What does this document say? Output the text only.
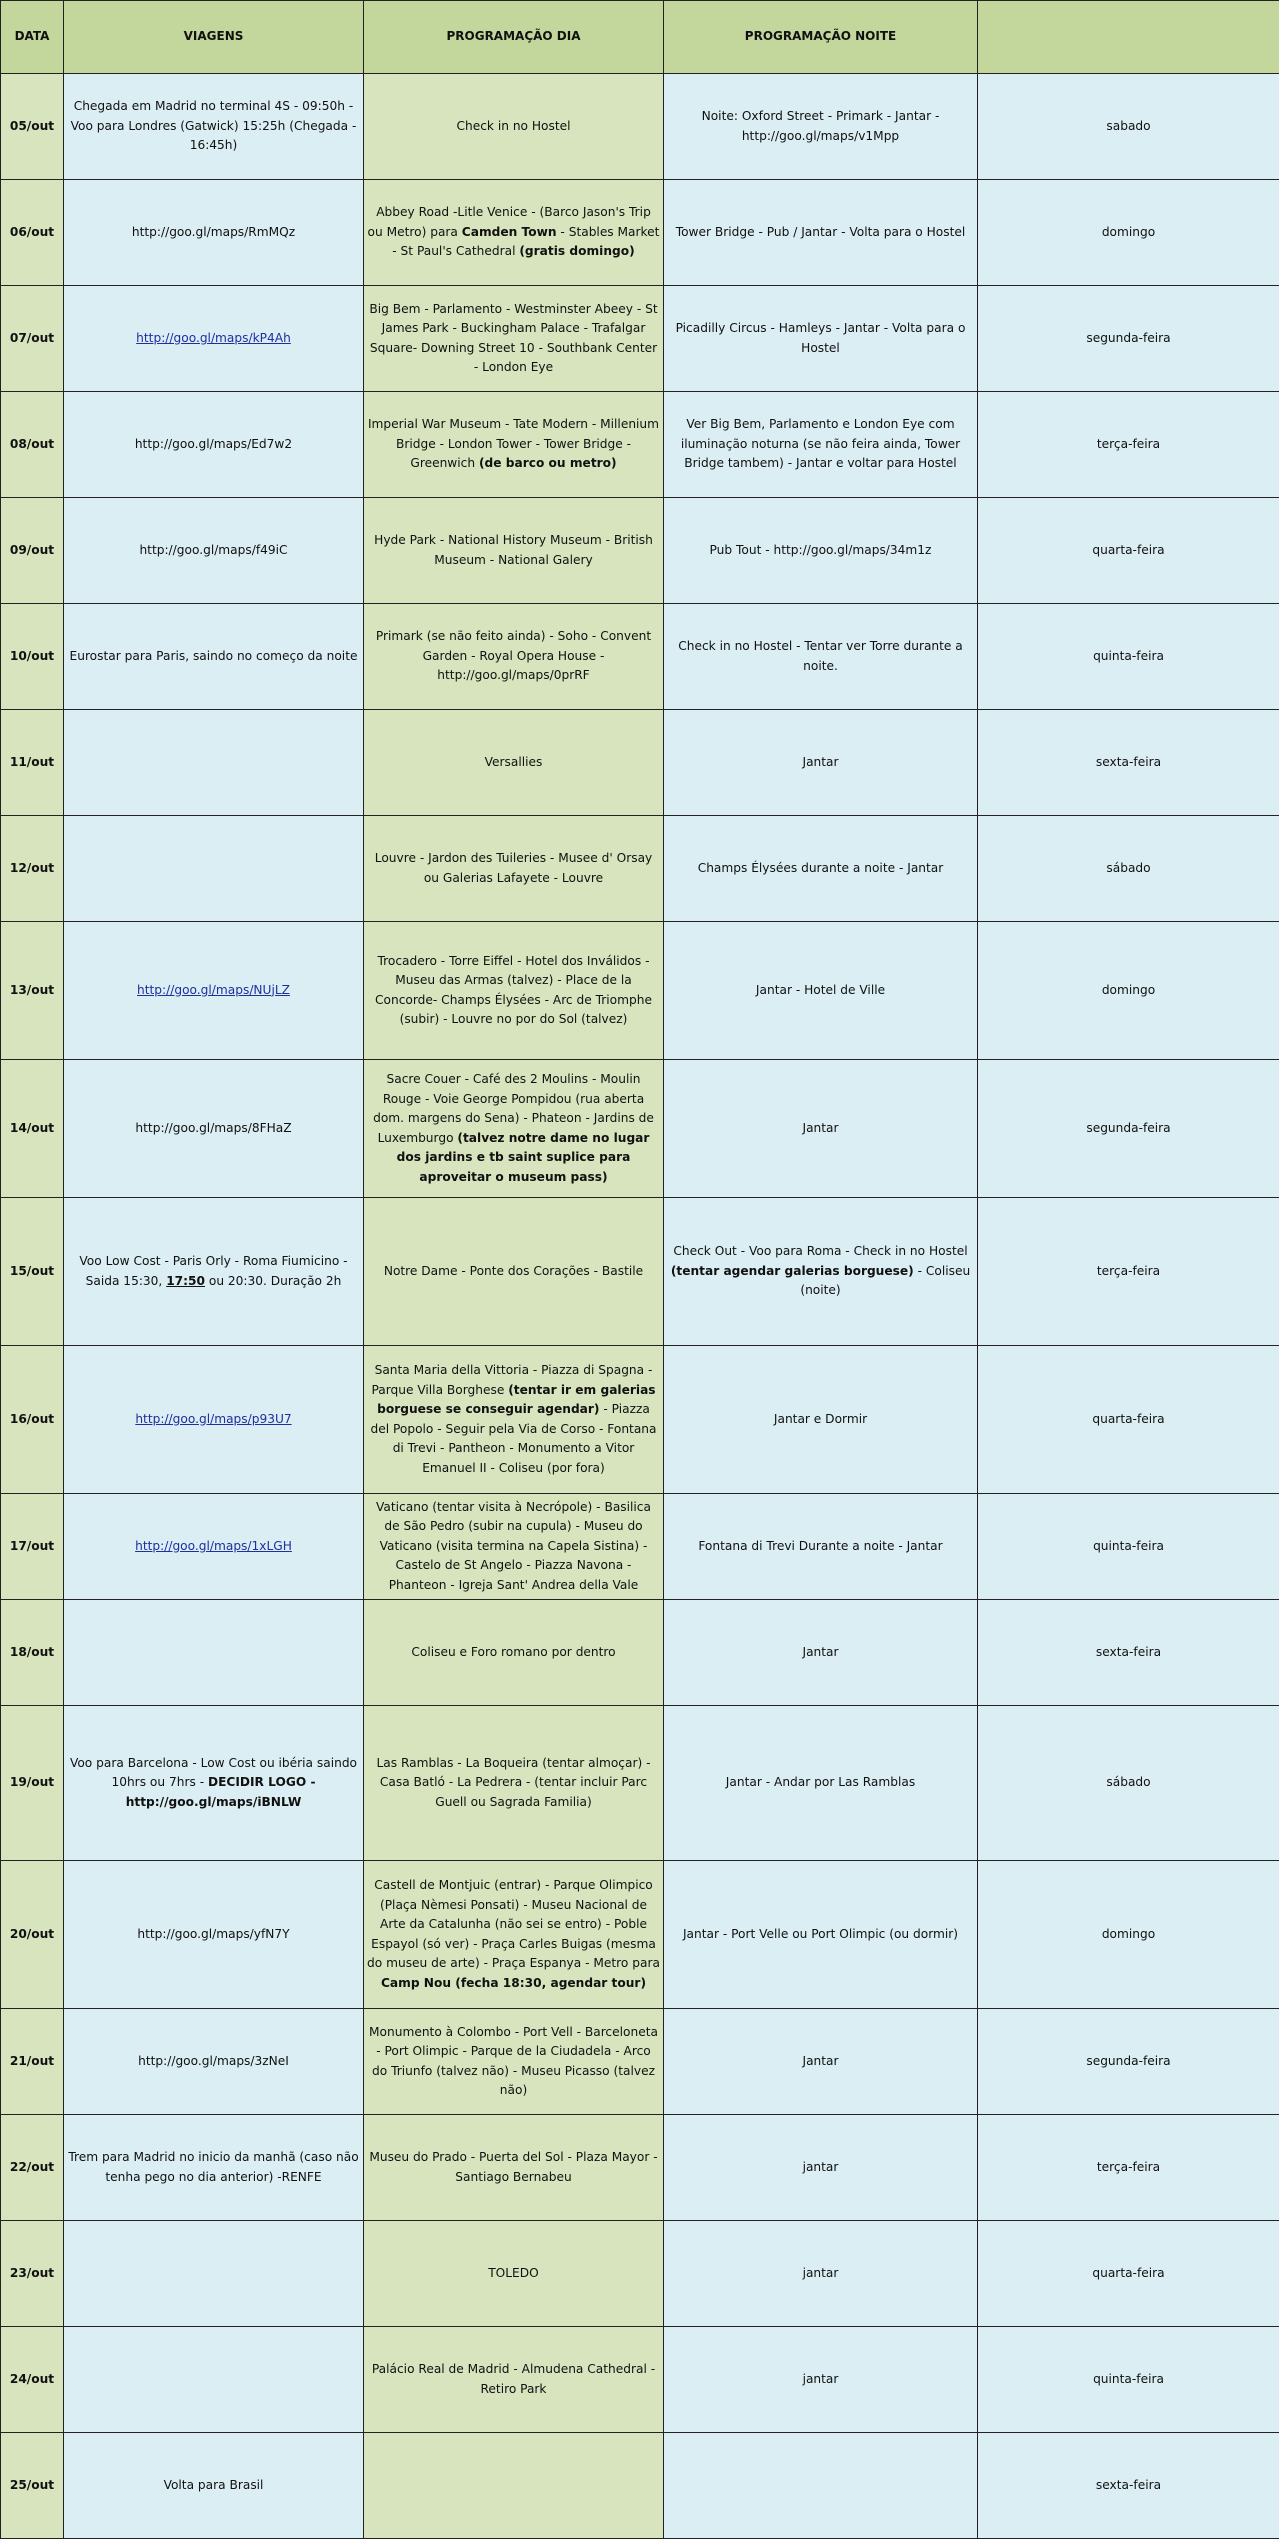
DATA	VIAGENS	PROGRAMAÇÃO DIA	PROGRAMAÇÃO NOITE	
05/out	Chegada em Madrid no terminal 4S - 09:50h -Voo para Londres (Gatwick) 15:25h (Chegada - 16:45h)	Check in no Hostel	Noite: Oxford Street - Primark - Jantar - http://goo.gl/maps/v1Mpp	sabado
06/out	http://goo.gl/maps/RmMQz	Abbey Road -Litle Venice - (Barco Jason's Trip ou Metro) para Camden Town - Stables Market - St Paul's Cathedral (gratis domingo)	Tower Bridge - Pub / Jantar - Volta para o Hostel	domingo
07/out	http://goo.gl/maps/kP4Ah	Big Bem - Parlamento - Westminster Abeey - St James Park - Buckingham Palace - Trafalgar Square- Downing Street 10 - Southbank Center - London Eye	Picadilly Circus - Hamleys - Jantar - Volta para o Hostel	segunda-feira
08/out	http://goo.gl/maps/Ed7w2	Imperial War Museum - Tate Modern - Millenium Bridge - London Tower - Tower Bridge - Greenwich (de barco ou metro)	Ver Big Bem, Parlamento e London Eye com iluminação noturna (se não feira ainda, Tower Bridge tambem) - Jantar e voltar para Hostel	terça-feira
09/out	http://goo.gl/maps/f49iC	Hyde Park - National History Museum - British Museum - National Galery	Pub Tout - http://goo.gl/maps/34m1z	quarta-feira
10/out	Eurostar para Paris, saindo no começo da noite	Primark (se não feito ainda) - Soho - Convent Garden - Royal Opera House - http://goo.gl/maps/0prRF	Check in no Hostel - Tentar ver Torre durante a noite.	quinta-feira
11/out		Versallies	Jantar	sexta-feira
12/out		Louvre - Jardon des Tuileries - Musee d' Orsay ou Galerias Lafayete - Louvre	Champs Élysées durante a noite - Jantar	sábado
13/out	http://goo.gl/maps/NUjLZ	Trocadero - Torre Eiffel - Hotel dos Inválidos - Museu das Armas (talvez) - Place de la Concorde- Champs Élysées - Arc de Triomphe (subir) - Louvre no por do Sol (talvez)	Jantar - Hotel de Ville	domingo
14/out	http://goo.gl/maps/8FHaZ	Sacre Couer - Café des 2 Moulins - Moulin Rouge - Voie George Pompidou (rua aberta dom. margens do Sena) - Phateon - Jardins de Luxemburgo (talvez notre dame no lugar dos jardins e tb saint suplice para aproveitar o museum pass)	Jantar	segunda-feira
15/out	Voo Low Cost - Paris Orly - Roma Fiumicino - Saida 15:30, 17:50 ou 20:30. Duração 2h	Notre Dame - Ponte dos Corações - Bastile	Check Out - Voo para Roma - Check in no Hostel (tentar agendar galerias borguese) - Coliseu (noite)	terça-feira
16/out	http://goo.gl/maps/p93U7	Santa Maria della Vittoria - Piazza di Spagna - Parque Villa Borghese (tentar ir em galerias borguese se conseguir agendar) - Piazza del Popolo - Seguir pela Via de Corso - Fontana di Trevi - Pantheon - Monumento a Vitor Emanuel II - Coliseu (por fora)	Jantar e Dormir	quarta-feira
17/out	http://goo.gl/maps/1xLGH	Vaticano (tentar visita à Necrópole) - Basilica de São Pedro (subir na cupula) - Museu do Vaticano (visita termina na Capela Sistina) - Castelo de St Angelo - Piazza Navona - Phanteon - Igreja Sant' Andrea della Vale	Fontana di Trevi Durante a noite - Jantar	quinta-feira
18/out		Coliseu e Foro romano por dentro	Jantar	sexta-feira
19/out	Voo para Barcelona - Low Cost ou ibéria saindo 10hrs ou 7hrs - DECIDIR LOGO - http://goo.gl/maps/iBNLW	Las Ramblas - La Boqueira (tentar almoçar) - Casa Batló - La Pedrera - (tentar incluir Parc Guell ou Sagrada Familia)	Jantar - Andar por Las Ramblas	sábado
20/out	http://goo.gl/maps/yfN7Y	Castell de Montjuic (entrar) - Parque Olimpico (Plaça Nèmesi Ponsati) - Museu Nacional de Arte da Catalunha (não sei se entro) - Poble Espayol (só ver) - Praça Carles Buigas (mesma do museu de arte) - Praça Espanya - Metro para Camp Nou (fecha 18:30, agendar tour)	Jantar - Port Velle ou Port Olimpic (ou dormir)	domingo
21/out	http://goo.gl/maps/3zNeI	Monumento à Colombo - Port Vell - Barceloneta - Port Olimpic - Parque de la Ciudadela - Arco do Triunfo (talvez não) - Museu Picasso (talvez não)	Jantar	segunda-feira
22/out	Trem para Madrid no inicio da manhã (caso não tenha pego no dia anterior) -RENFE	Museu do Prado - Puerta del Sol - Plaza Mayor - Santiago Bernabeu	jantar	terça-feira
23/out		TOLEDO	jantar	quarta-feira
24/out		Palácio Real de Madrid - Almudena Cathedral - Retiro Park	jantar	quinta-feira
25/out	Volta para Brasil			sexta-feira
